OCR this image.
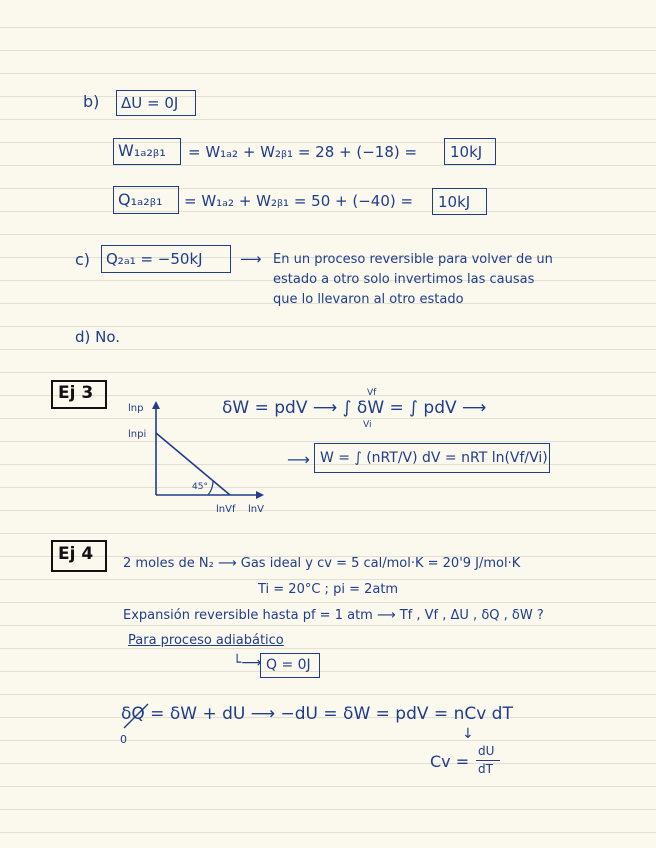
b) ΔU = 0J
W₁ₐ₂ᵦ₁ = W₁ₐ₂ + W₂ᵦ₁ = 28 + (−18) = 10kJ
Q₁ₐ₂ᵦ₁ = W₁ₐ₂ + W₂ᵦ₁ = 50 + (−40) = 10kJ
c) Q₂ₐ₁ = −50kJ ⟶ En un proceso reversible para volver de un
estado a otro solo invertimos las causas
que lo llevaron al otro estado
d) No.
Ej 3
lnp
lnpi
45°
lnVf lnV
δW = pdV ⟶ ∫ δW = ∫ pdV ⟶
Vf
Vi
⟶ W = ∫ (nRT/V) dV = nRT ln(Vf/Vi)
Ej 4 2 moles de N₂ ⟶ Gas ideal y cv = 5 cal/mol·K = 20'9 J/mol·K
Ti = 20°C ; pi = 2atm
Expansión reversible hasta pf = 1 atm ⟶ Tf , Vf , ΔU , δQ , δW ?
Para proceso adiabático
└⟶ Q = 0J
δQ = δW + dU ⟶ −dU = δW = pdV = nCv dT
0	↓
Cv =
dU
dT
